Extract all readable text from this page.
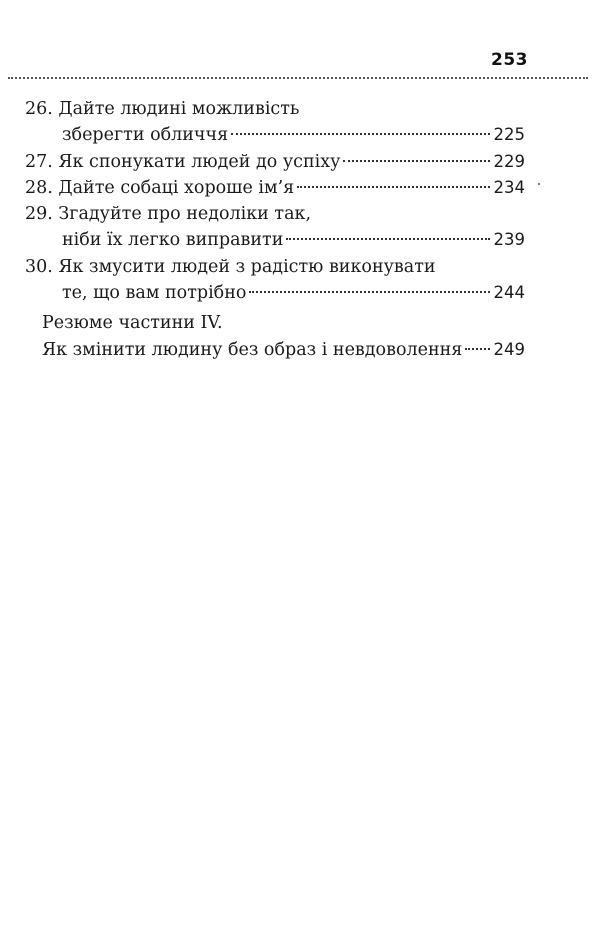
253
26. Дайте людині можливість
зберегти обличчя	225
27. Як спонукати людей до успіху	229
28. Дайте собаці хороше ім’я	234
29. Згадуйте про недоліки так,
ніби їх легко виправити	239
30. Як змусити людей з радістю виконувати
те, що вам потрібно	244
Резюме частини IV.
Як змінити людину без образ і невдоволення 249
